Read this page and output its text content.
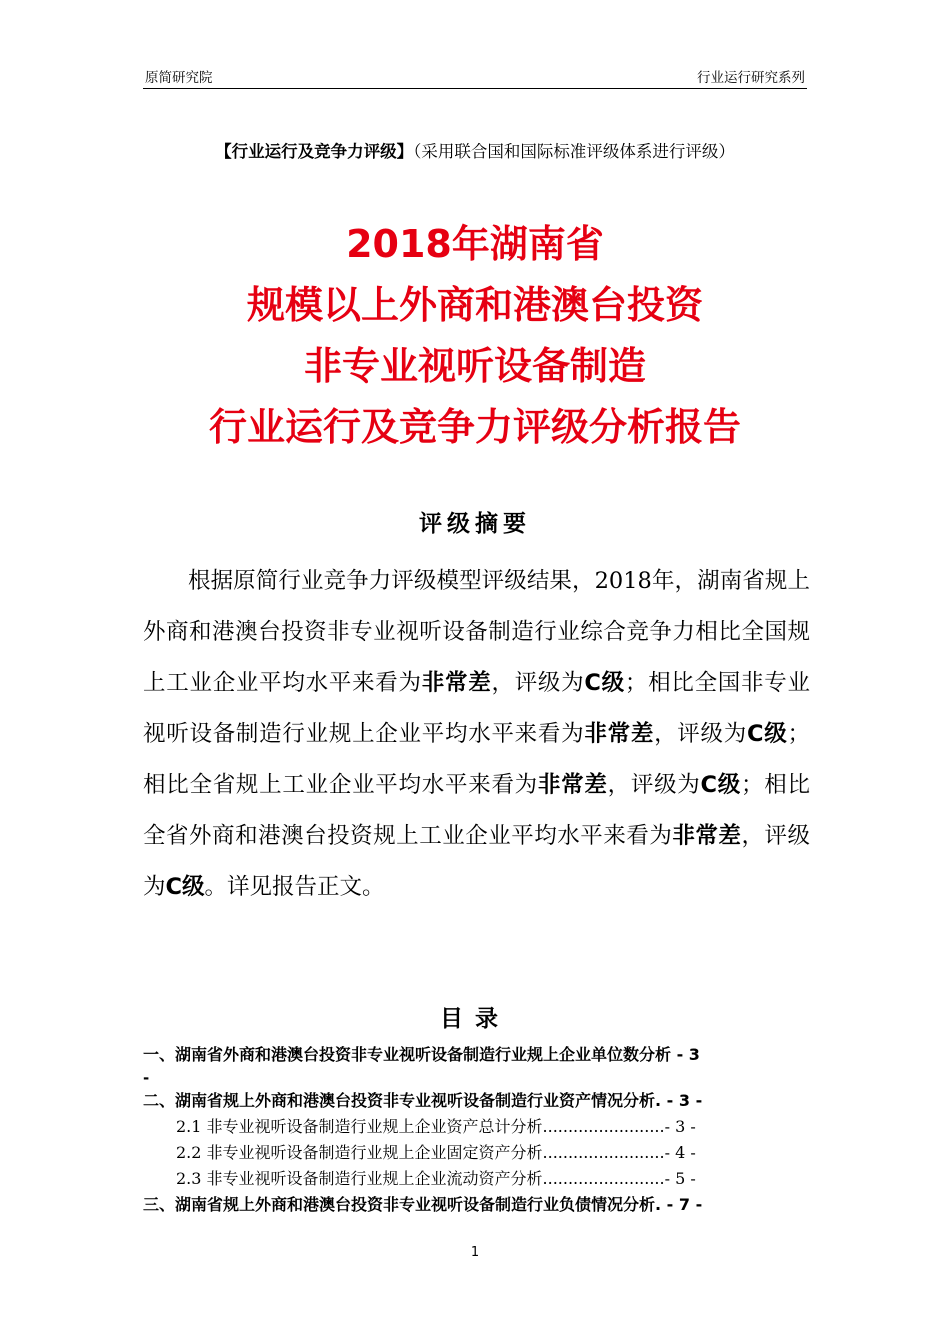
原简研究院	行业运行研究系列
【行业运行及竞争力评级】（采用联合国和国际标准评级体系进行评级）
2018年湖南省
规模以上外商和港澳台投资
非专业视听设备制造
行业运行及竞争力评级分析报告
评级摘要

根据原简行业竞争力评级模型评级结果，2018年，湖南省规上外商和港澳台投资非专业视听设备制造行业综合竞争力相比全国规上工业企业平均水平来看为非常差，评级为C级；相比全国非专业视听设备制造行业规上企业平均水平来看为非常差，评级为C级；相比全省规上工业企业平均水平来看为非常差，评级为C级；相比全省外商和港澳台投资规上工业企业平均水平来看为非常差，评级为C级。详见报告正文。

目录
一、湖南省外商和港澳台投资非专业视听设备制造行业规上企业单位数分析 - 3
-
二、湖南省规上外商和港澳台投资非专业视听设备制造行业资产情况分析. - 3 -
2.1 非专业视听设备制造行业规上企业资产总计分析........................- 3 -
2.2 非专业视听设备制造行业规上企业固定资产分析........................- 4 -
2.3 非专业视听设备制造行业规上企业流动资产分析........................- 5 -
三、湖南省规上外商和港澳台投资非专业视听设备制造行业负债情况分析. - 7 -
1
